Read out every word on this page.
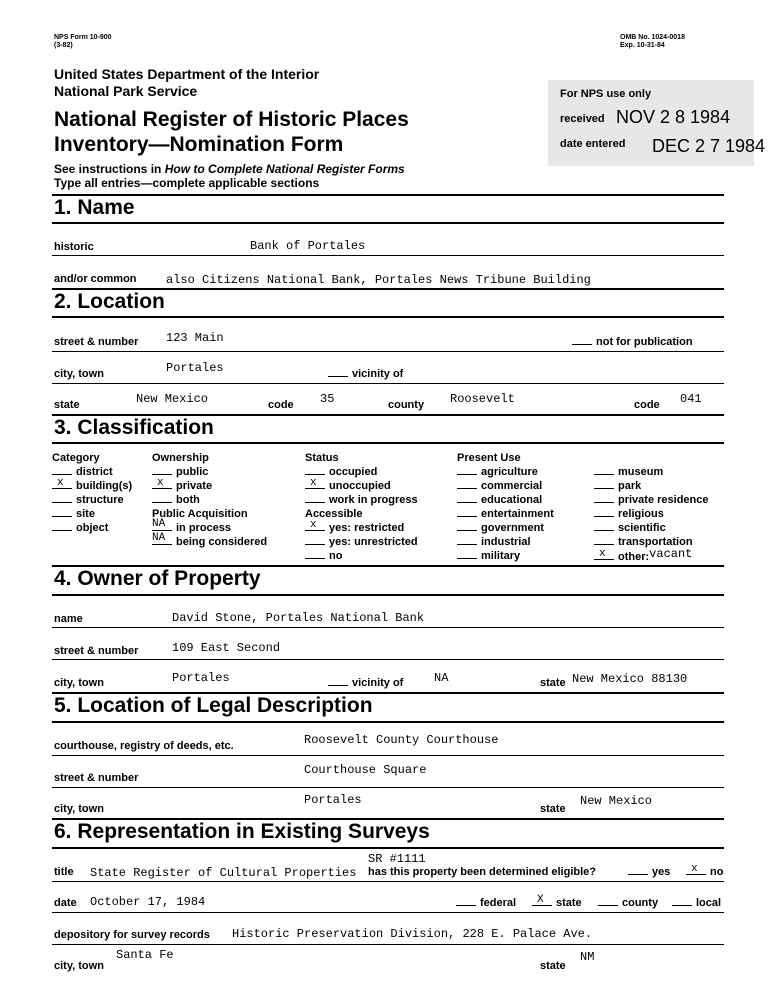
NPS Form 10-900
(3-82)
OMB No. 1024-0018
Exp. 10-31-84
United States Department of the Interior
National Park Service
National Register of Historic Places
Inventory—Nomination Form
See instructions in How to Complete National Register Forms
Type all entries—complete applicable sections
For NPS use only
received NOV 2 8 1984
date entered DEC 2 7 1984
1. Name
historic	Bank of Portales
and/or common also Citizens National Bank, Portales News Tribune Building
2. Location
street & number 123 Main	not for publication
city, town	Portales	vicinity of
state	New Mexico	code 35	county Roosevelt	code 041
3. Classification
Category
district
x building(s)
structure
site
object
Ownership
public
x private
both
Public Acquisition
NA in process
NA being considered
Status
occupied
x unoccupied
work in progress
Accessible
x yes: restricted
yes: unrestricted
no
Present Use
agriculture
commercial
educational
entertainment
government
industrial
military
museum
park
private residence
religious
scientific
transportation
x other:vacant
4. Owner of Property
name	David Stone, Portales National Bank
street & number	109 East Second
city, town	Portales	vicinity of	NA	state New Mexico 88130
5. Location of Legal Description
courthouse, registry of deeds, etc.	Roosevelt County Courthouse
street & number
Courthouse Square
city, town
Portales
state
New Mexico
6. Representation in Existing Surveys
title State Register of Cultural Properties
SR #1111
has this property been determined eligible?	yes x no
date October 17, 1984	federal X state	county	local
depository for survey records Historic Preservation Division, 228 E. Palace Ave.
city, town
Santa Fe
state
NM
